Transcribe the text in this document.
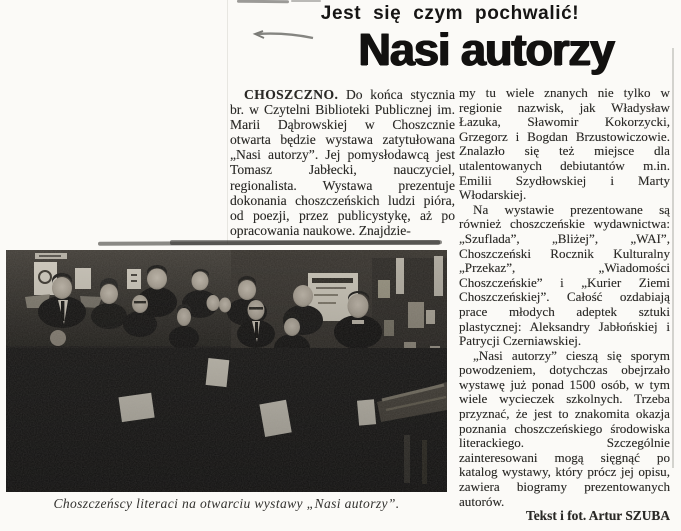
Jest się czym pochwalić!
Nasi autorzy

CHOSZCZNO. Do końca stycznia br. w Czytelni Biblioteki Publicznej im. Marii Dąbrowskiej w Choszcznie otwarta będzie wystawa zatytułowana „Nasi autorzy”. Jej pomysłodawcą jest Tomasz Jabłecki, nauczyciel, regionalista. Wystawa prezentuje dokonania choszczeńskich ludzi pióra, od poezji, przez publicystykę, aż po opracowania naukowe. Znajdzie-

my tu wiele znanych nie tylko w regionie nazwisk, jak Władysław Łazuka, Sławomir Kokorzycki, Grzegorz i Bogdan Brzustowiczowie. Znalazło się też miejsce dla utalentowanych debiutantów m.in. Emilii Szydłowskiej i Marty Włodarskiej.

Na wystawie prezentowane są również choszczeńskie wydawnictwa: „Szuflada”, „Bliżej”, „WAI”, Choszczeński Rocznik Kulturalny „Przekaz”, „Wiadomości Choszczeńskie” i „Kurier Ziemi Choszczeńskiej”. Całość ozdabiają prace młodych adeptek sztuki plastycznej: Aleksandry Jabłońskiej i Patrycji Czerniawskiej.

„Nasi autorzy” cieszą się sporym powodzeniem, dotychczas obejrzało wystawę już ponad 1500 osób, w tym wiele wycieczek szkolnych. Trzeba przyznać, że jest to znakomita okazja poznania choszczeńskiego środowiska literackiego. Szczególnie zainteresowani mogą sięgnąć po katalog wystawy, który prócz jej opisu, zawiera biogramy prezentowanych autorów.

Tekst i fot. Artur SZUBA

Choszczeńscy literaci na otwarciu wystawy „Nasi autorzy”.
